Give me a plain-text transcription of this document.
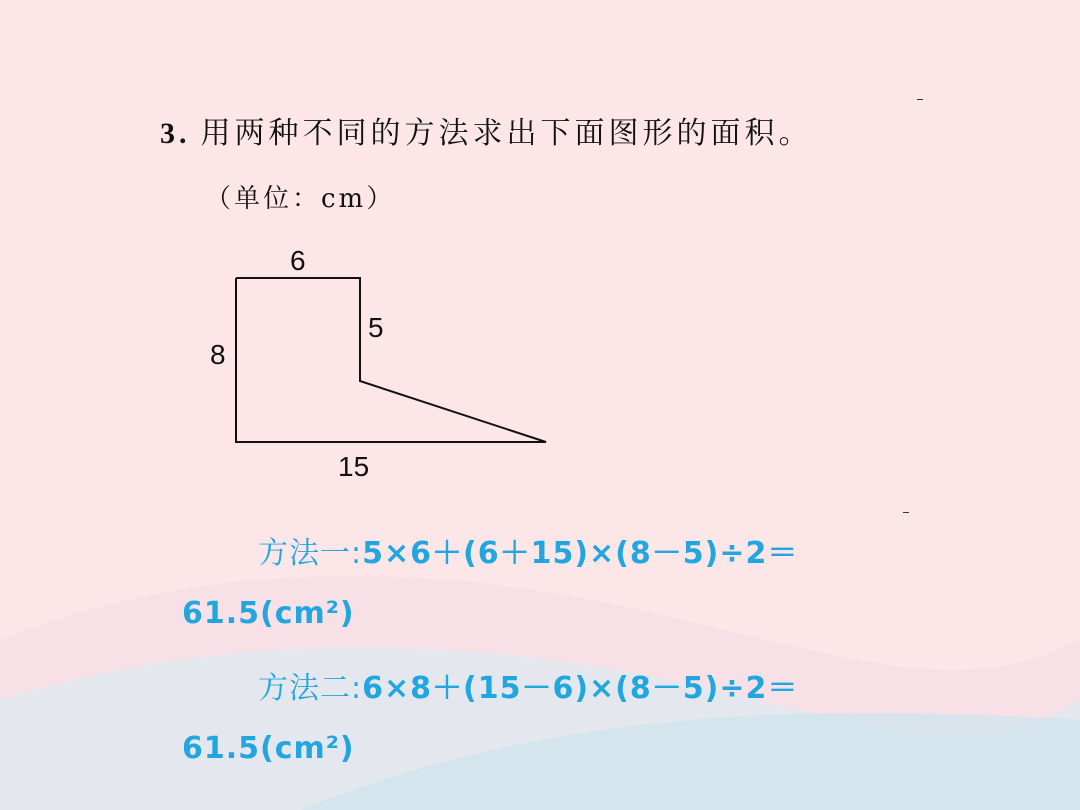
3. 用两种不同的方法求出下面图形的面积。
（单位：cm）
6
5
8
15
方法一:5×6＋(6＋15)×(8－5)÷2＝
61.5(cm²)
方法二:6×8＋(15－6)×(8－5)÷2＝
61.5(cm²)
